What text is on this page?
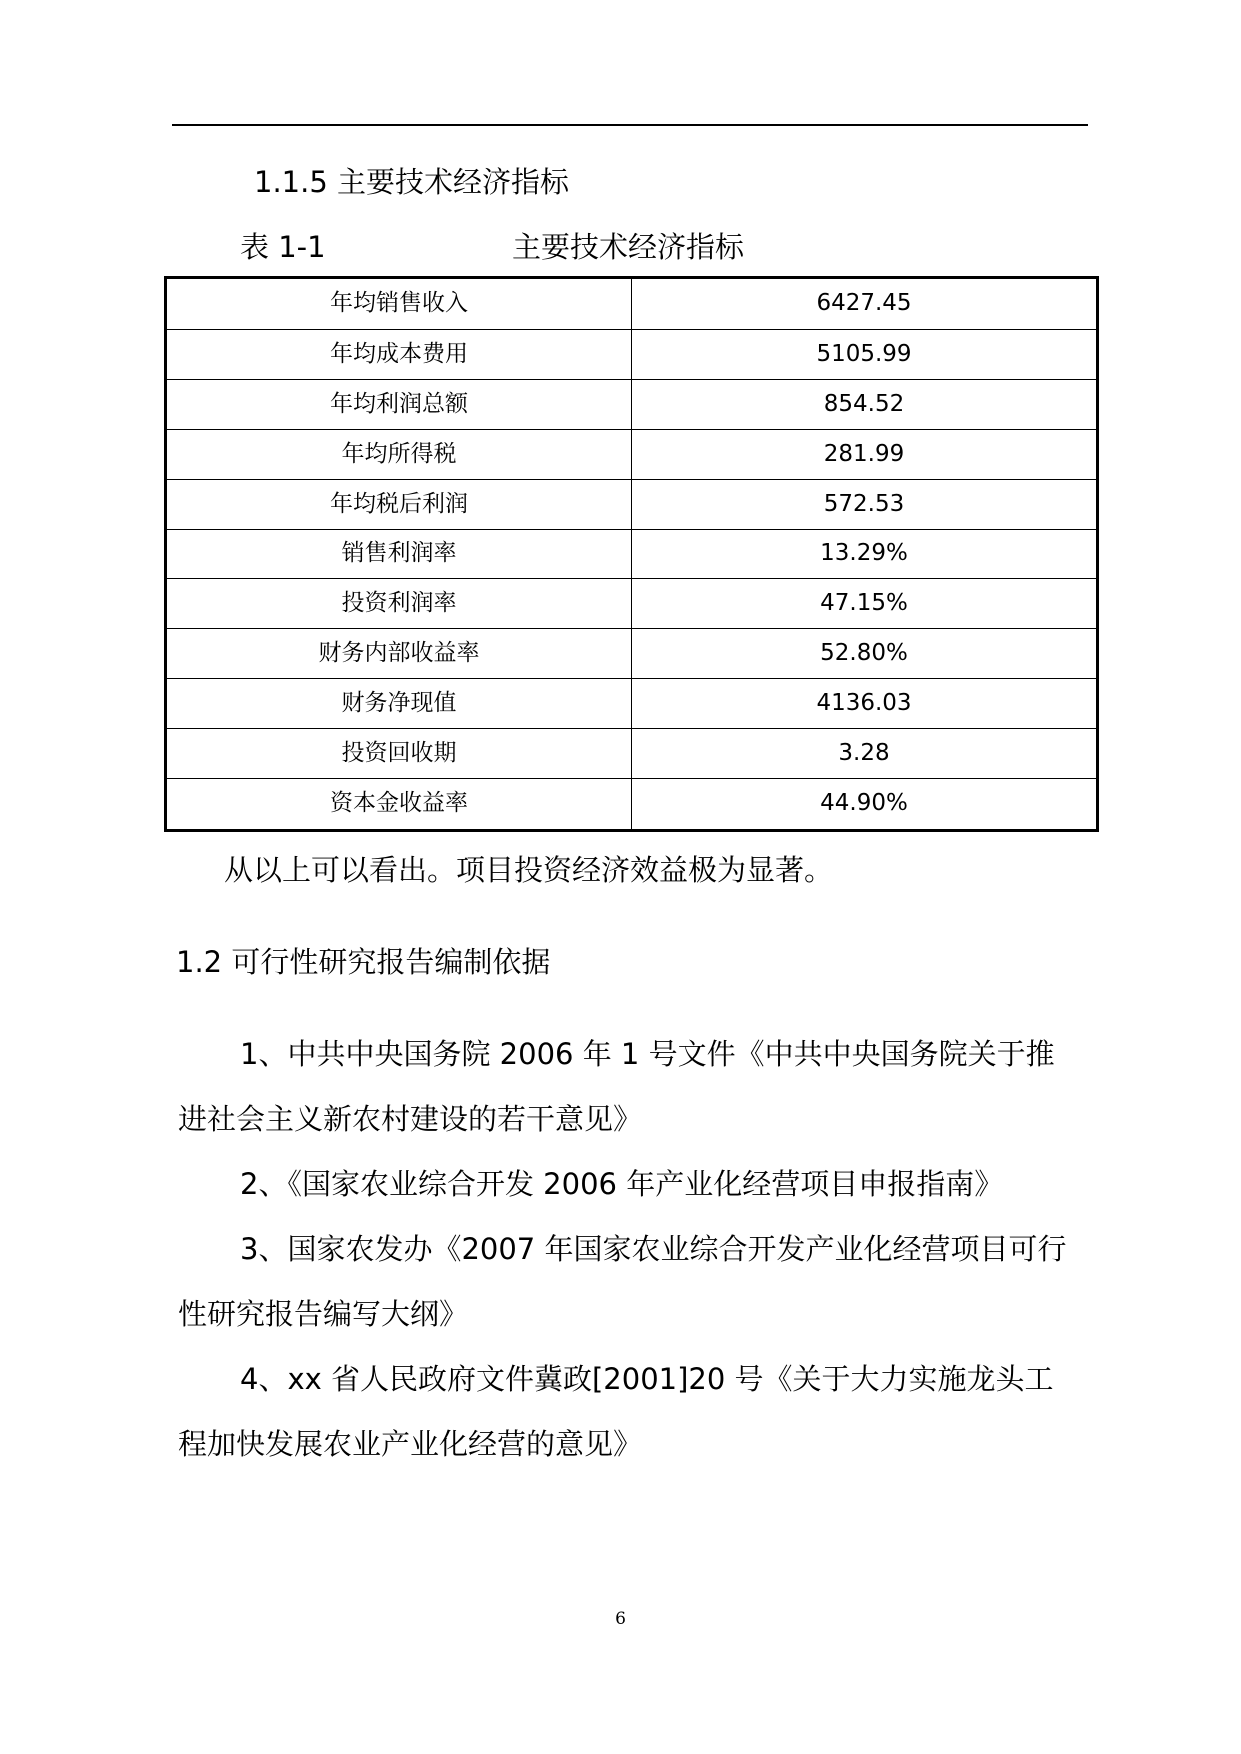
1.1.5 主要技术经济指标
表 1-1	主要技术经济指标
年均销售收入	6427.45
年均成本费用	5105.99
年均利润总额	854.52
年均所得税	281.99
年均税后利润	572.53
销售利润率	13.29%
投资利润率	47.15%
财务内部收益率	52.80%
财务净现值	4136.03
投资回收期	3.28
资本金收益率	44.90%
从以上可以看出。项目投资经济效益极为显著。
1.2 可行性研究报告编制依据
1、中共中央国务院 2006 年 1 号文件《中共中央国务院关于推
进社会主义新农村建设的若干意见》
2、《国家农业综合开发 2006 年产业化经营项目申报指南》
3、国家农发办《2007 年国家农业综合开发产业化经营项目可行
性研究报告编写大纲》
4、xx 省人民政府文件冀政[2001]20 号《关于大力实施龙头工
程加快发展农业产业化经营的意见》
6
